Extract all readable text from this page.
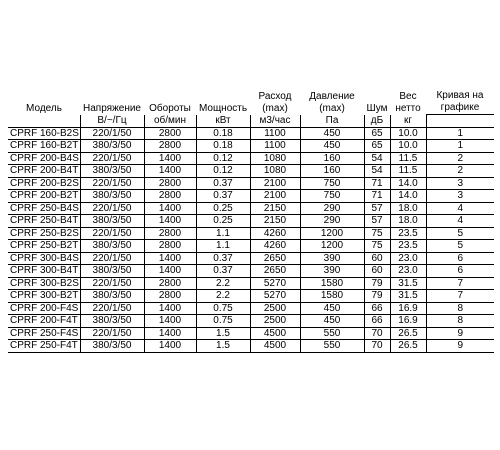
Модель	Напряжение	Обороты	Мощность	Расход (max)	Давление (max)	Шум	Вес нетто	Кривая на графике
	В/~/Гц	об/мин	кВт	м3/час	Па	дБ	кг	
CPRF 160-B2S	220/1/50	2800	0.18	1100	450	65	10.0	1
CPRF 160-B2T	380/3/50	2800	0.18	1100	450	65	10.0	1
CPRF 200-B4S	220/1/50	1400	0.12	1080	160	54	11.5	2
CPRF 200-B4T	380/3/50	1400	0.12	1080	160	54	11.5	2
CPRF 200-B2S	220/1/50	2800	0.37	2100	750	71	14.0	3
CPRF 200-B2T	380/3/50	2800	0.37	2100	750	71	14.0	3
CPRF 250-B4S	220/1/50	1400	0.25	2150	290	57	18.0	4
CPRF 250-B4T	380/3/50	1400	0.25	2150	290	57	18.0	4
CPRF 250-B2S	220/1/50	2800	1.1	4260	1200	75	23.5	5
CPRF 250-B2T	380/3/50	2800	1.1	4260	1200	75	23.5	5
CPRF 300-B4S	220/1/50	1400	0.37	2650	390	60	23.0	6
CPRF 300-B4T	380/3/50	1400	0.37	2650	390	60	23.0	6
CPRF 300-B2S	220/1/50	2800	2.2	5270	1580	79	31.5	7
CPRF 300-B2T	380/3/50	2800	2.2	5270	1580	79	31.5	7
CPRF 200-F4S	220/1/50	1400	0.75	2500	450	66	16.9	8
CPRF 200-F4T	380/3/50	1400	0.75	2500	450	66	16.9	8
CPRF 250-F4S	220/1/50	1400	1.5	4500	550	70	26.5	9
CPRF 250-F4T	380/3/50	1400	1.5	4500	550	70	26.5	9
